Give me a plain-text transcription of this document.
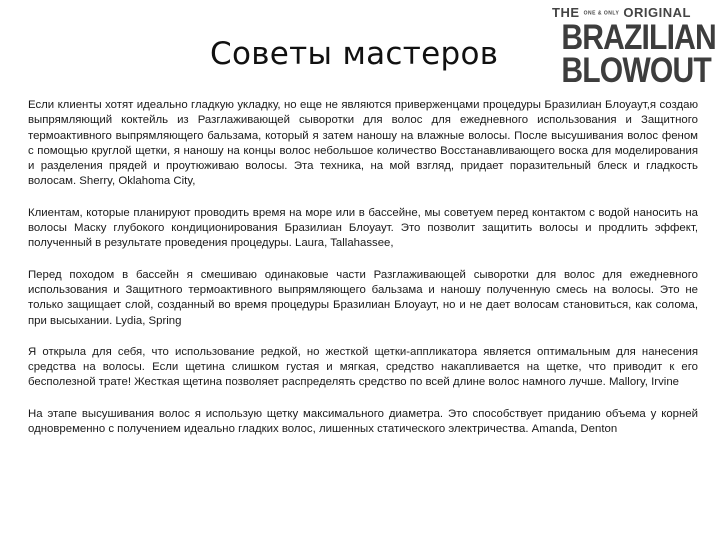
Советы мастеров
THE ONE & ONLY ORIGINAL
BRAZILIAN
BLOWOUT

Если клиенты хотят идеально гладкую укладку, но еще не являются приверженцами процедуры Бразилиан Блоуаут,я создаю выпрямляющий коктейль из Разглаживающей сыворотки для волос для ежедневного использования и Защитного термоактивного выпрямляющего бальзама, который я затем наношу на влажные волосы. После высушивания волос феном с помощью круглой щетки, я наношу на концы волос небольшое количество Восстанавливающего воска для моделирования и разделения прядей и проутюживаю волосы. Эта техника, на мой взгляд, придает поразительный блеск и гладкость волосам. Sherry, Oklahoma City,

Клиентам, которые планируют проводить время на море или в бассейне, мы советуем перед контактом с водой наносить на волосы Маску глубокого кондиционирования Бразилиан Блоуаут. Это позволит защитить волосы и продлить эффект, полученный в результате проведения процедуры. Laura, Tallahassee,

Перед походом в бассейн я смешиваю одинаковые части Разглаживающей сыворотки для волос для ежедневного использования и Защитного термоактивного выпрямляющего бальзама и наношу полученную смесь на волосы. Это не только защищает слой, созданный во время процедуры Бразилиан Блоуаут, но и не дает волосам становиться, как солома, при высыхании. Lydia, Spring

Я открыла для себя, что использование редкой, но жесткой щетки-аппликатора является оптимальным для нанесения средства на волосы. Если щетина слишком густая и мягкая, средство накапливается на щетке, что приводит к его бесполезной трате! Жесткая щетина позволяет распределять средство по всей длине волос намного лучше. Mallory, Irvine

На этапе высушивания волос я использую щетку максимального диаметра. Это способствует приданию объема у корней одновременно с получением идеально гладких волос, лишенных статического электричества. Amanda, Denton
